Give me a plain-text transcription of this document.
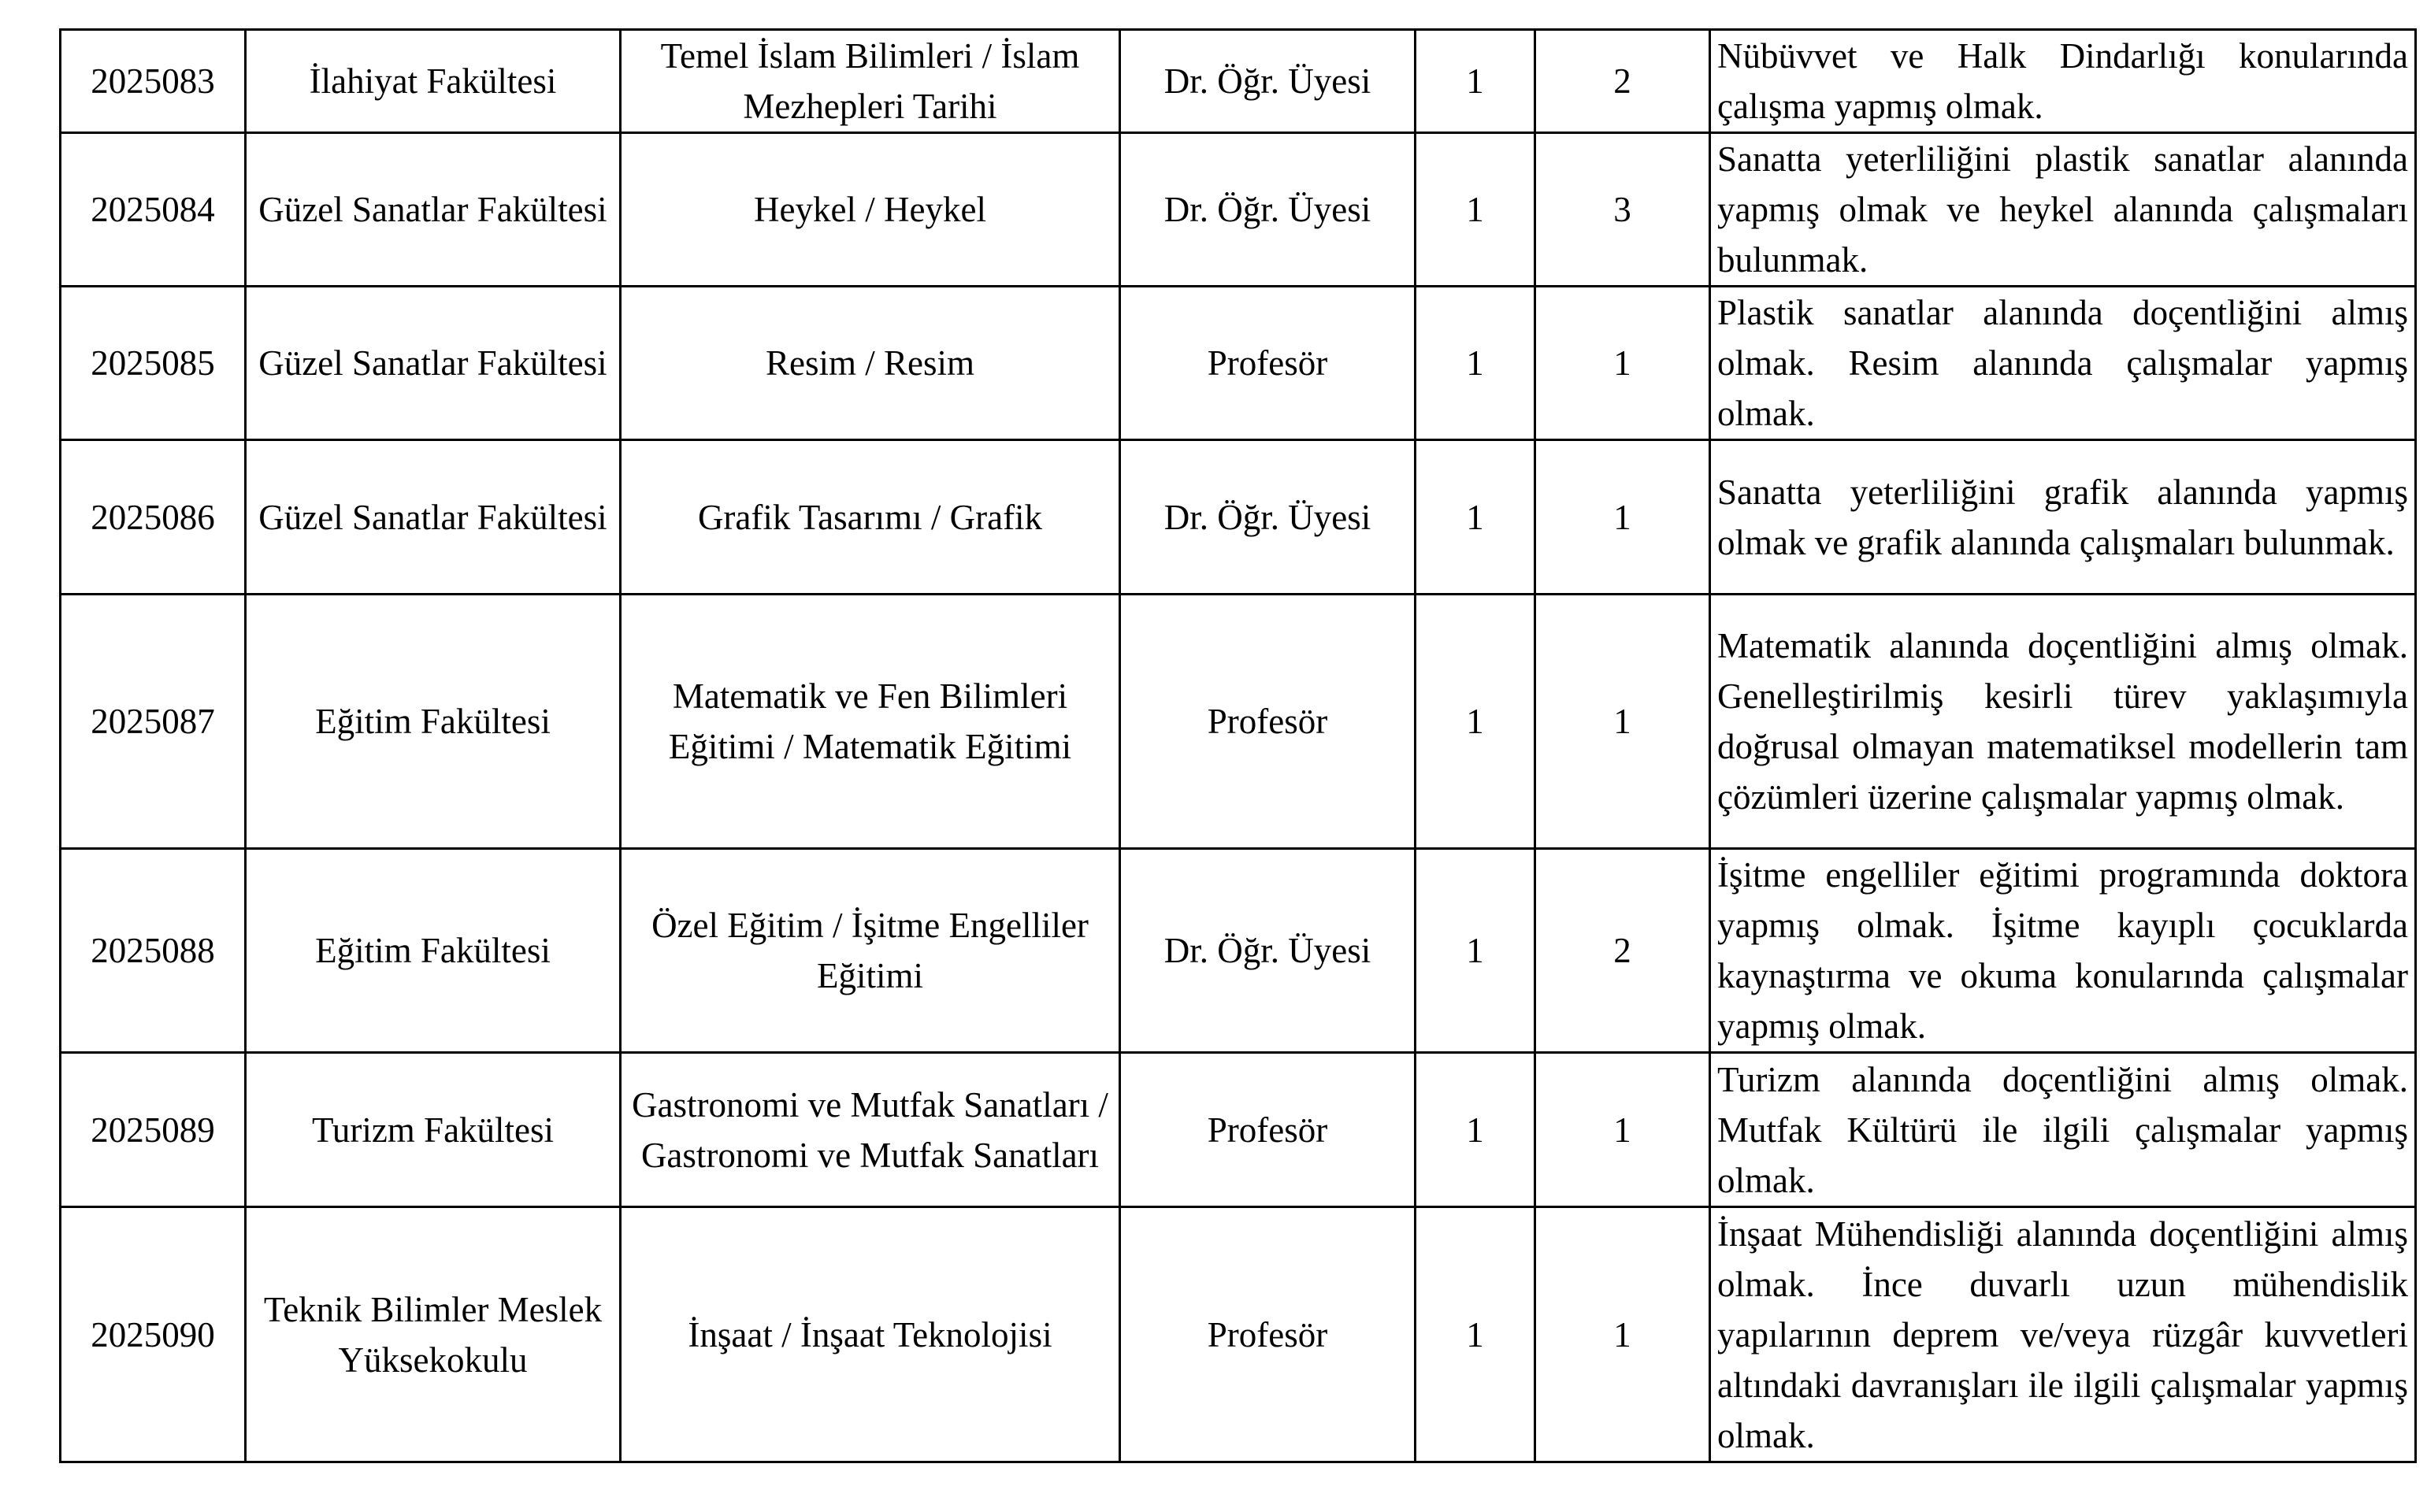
2025083	İlahiyat Fakültesi	Temel İslam Bilimleri / İslam Mezhepleri Tarihi	Dr. Öğr. Üyesi	1	2	Nübüvvet ve Halk Dindarlığı konularında çalışma yapmış olmak.
2025084	Güzel Sanatlar Fakültesi	Heykel / Heykel	Dr. Öğr. Üyesi	1	3	Sanatta yeterliliğini plastik sanatlar alanında yapmış olmak ve heykel alanında çalışmaları bulunmak.
2025085	Güzel Sanatlar Fakültesi	Resim / Resim	Profesör	1	1	Plastik sanatlar alanında doçentliğini almış olmak. Resim alanında çalışmalar yapmış olmak.
2025086	Güzel Sanatlar Fakültesi	Grafik Tasarımı / Grafik	Dr. Öğr. Üyesi	1	1	Sanatta yeterliliğini grafik alanında yapmış olmak ve grafik alanında çalışmaları bulunmak.
2025087	Eğitim Fakültesi	Matematik ve Fen Bilimleri Eğitimi / Matematik Eğitimi	Profesör	1	1	Matematik alanında doçentliğini almış olmak. Genelleştirilmiş kesirli türev yaklaşımıyla doğrusal olmayan matematiksel modellerin tam çözümleri üzerine çalışmalar yapmış olmak.
2025088	Eğitim Fakültesi	Özel Eğitim / İşitme Engelliler Eğitimi	Dr. Öğr. Üyesi	1	2	İşitme engelliler eğitimi programında doktora yapmış olmak. İşitme kayıplı çocuklarda kaynaştırma ve okuma konularında çalışmalar yapmış olmak.
2025089	Turizm Fakültesi	Gastronomi ve Mutfak Sanatları / Gastronomi ve Mutfak Sanatları	Profesör	1	1	Turizm alanında doçentliğini almış olmak. Mutfak Kültürü ile ilgili çalışmalar yapmış olmak.
2025090	Teknik Bilimler Meslek Yüksekokulu	İnşaat / İnşaat Teknolojisi	Profesör	1	1	İnşaat Mühendisliği alanında doçentliğini almış olmak. İnce duvarlı uzun mühendislik yapılarının deprem ve/veya rüzgâr kuvvetleri altındaki davranışları ile ilgili çalışmalar yapmış olmak.
